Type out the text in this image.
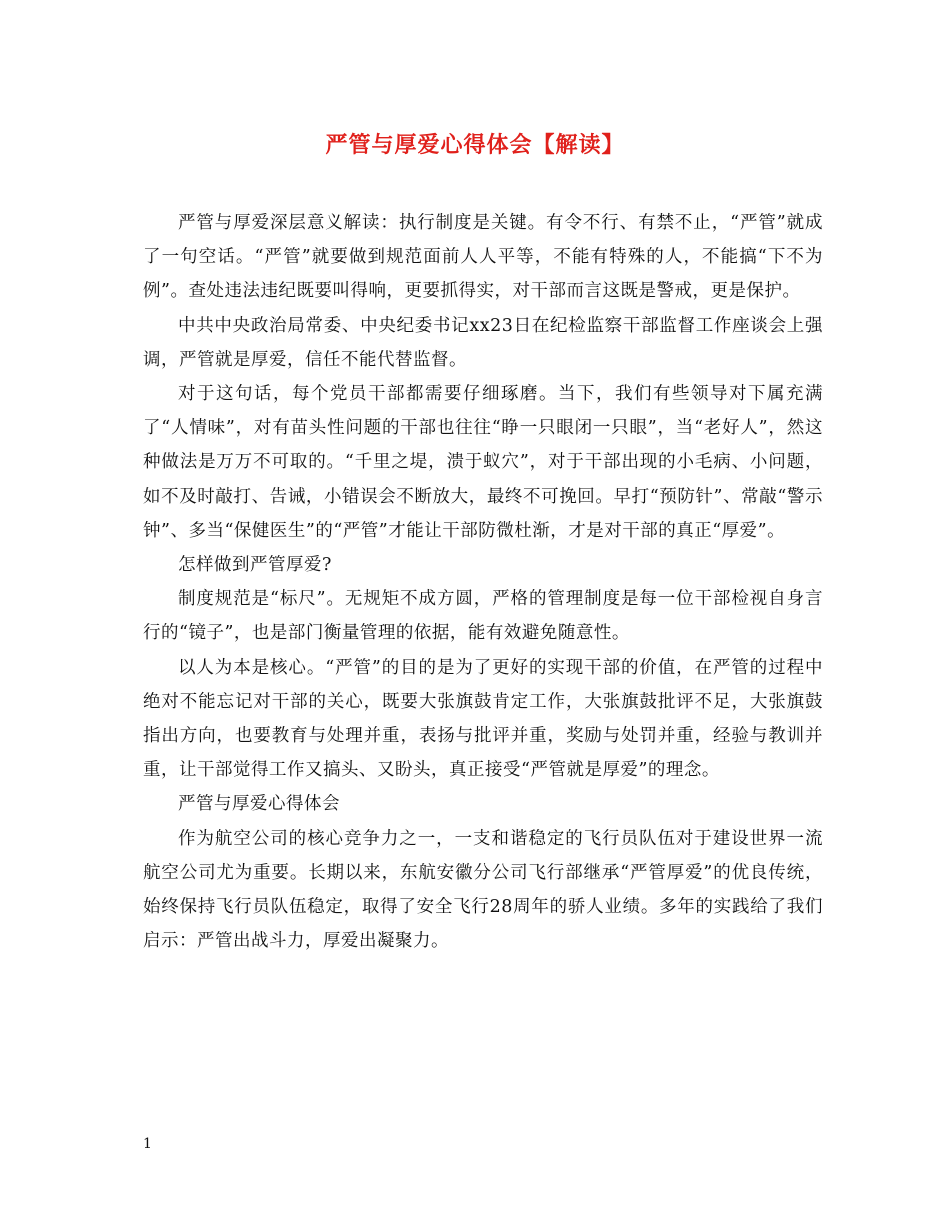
严管与厚爱心得体会【解读】

严管与厚爱深层意义解读：执行制度是关键。有令不行、有禁不止，“严管”就成了一句空话。“严管”就要做到规范面前人人平等，不能有特殊的人，不能搞“下不为例”。查处违法违纪既要叫得响，更要抓得实，对干部而言这既是警戒，更是保护。

中共中央政治局常委、中央纪委书记xx23日在纪检监察干部监督工作座谈会上强调，严管就是厚爱，信任不能代替监督。

对于这句话，每个党员干部都需要仔细琢磨。当下，我们有些领导对下属充满了“人情味”，对有苗头性问题的干部也往往“睁一只眼闭一只眼”，当“老好人”，然这种做法是万万不可取的。“千里之堤，溃于蚁穴”，对于干部出现的小毛病、小问题，如不及时敲打、告诫，小错误会不断放大，最终不可挽回。早打“预防针”、常敲“警示钟”、多当“保健医生”的“严管”才能让干部防微杜渐，才是对干部的真正“厚爱”。

怎样做到严管厚爱?

制度规范是“标尺”。无规矩不成方圆，严格的管理制度是每一位干部检视自身言行的“镜子”，也是部门衡量管理的依据，能有效避免随意性。

以人为本是核心。“严管”的目的是为了更好的实现干部的价值，在严管的过程中绝对不能忘记对干部的关心，既要大张旗鼓肯定工作，大张旗鼓批评不足，大张旗鼓指出方向，也要教育与处理并重，表扬与批评并重，奖励与处罚并重，经验与教训并重，让干部觉得工作又搞头、又盼头，真正接受“严管就是厚爱”的理念。

严管与厚爱心得体会

作为航空公司的核心竞争力之一，一支和谐稳定的飞行员队伍对于建设世界一流航空公司尤为重要。长期以来，东航安徽分公司飞行部继承“严管厚爱”的优良传统，始终保持飞行员队伍稳定，取得了安全飞行28周年的骄人业绩。多年的实践给了我们启示：严管出战斗力，厚爱出凝聚力。

1
